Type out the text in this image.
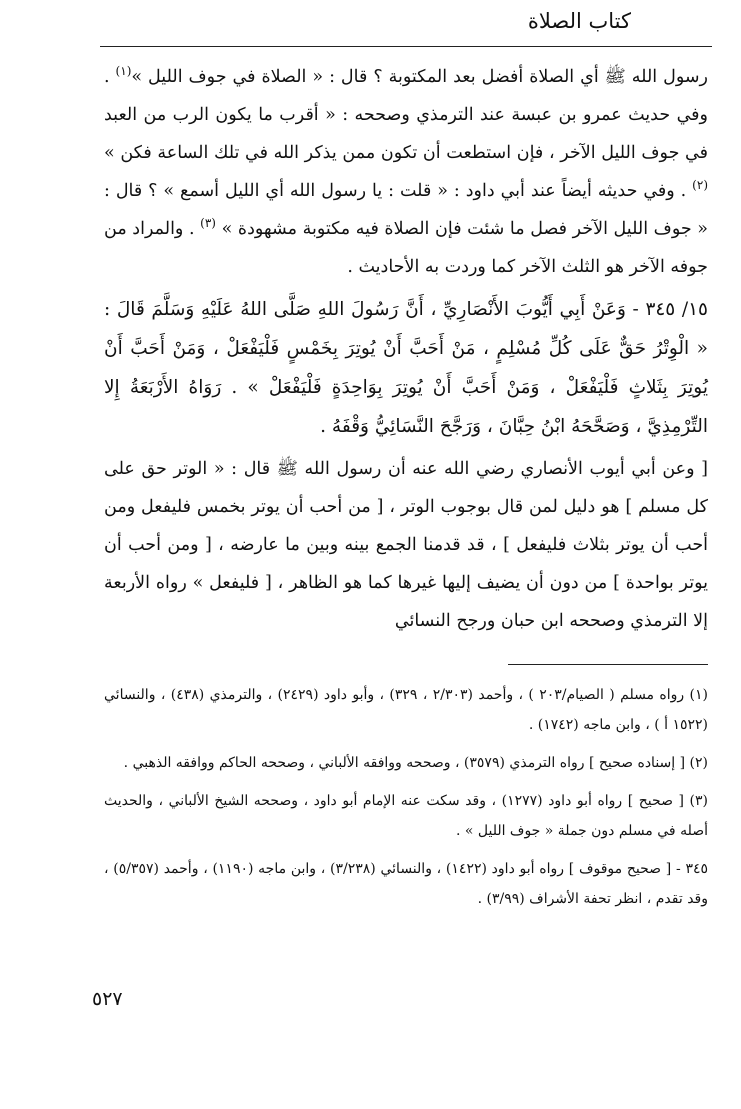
كتاب الصلاة

رسول الله ﷺ أي الصلاة أفضل بعد المكتوبة ؟ قال : « الصلاة في جوف الليل »$^{(١)}$ . وفي حديث عمرو بن عبسة عند الترمذي وصححه : « أقرب ما يكون الرب من العبد في جوف الليل الآخر ، فإن استطعت أن تكون ممن يذكر الله في تلك الساعة فكن » $^{(٢)}$ . وفي حديثه أيضاً عند أبي داود : « قلت : يا رسول الله أي الليل أسمع » ؟ قال : « جوف الليل الآخر فصل ما شئت فإن الصلاة فيه مكتوبة مشهودة » $^{(٣)}$ . والمراد من جوفه الآخر هو الثلث الآخر كما وردت به الأحاديث .

١٥/ ٣٤٥ - وَعَنْ أَبِي أَيُّوبَ الأَنْصَارِيِّ ، أَنَّ رَسُولَ اللهِ صَلَّى اللهُ عَلَيْهِ وَسَلَّمَ قَالَ : « الْوِتْرُ حَقٌّ عَلَى كُلِّ مُسْلِمٍ ، مَنْ أَحَبَّ أَنْ يُوتِرَ بِخَمْسٍ فَلْيَفْعَلْ ، وَمَنْ أَحَبَّ أَنْ يُوتِرَ بِثَلاثٍ فَلْيَفْعَلْ ، وَمَنْ أَحَبَّ أَنْ يُوتِرَ بِوَاحِدَةٍ فَلْيَفْعَلْ » . رَوَاهُ الأَرْبَعَةُ إِلا التِّرْمِذِيَّ ، وَصَحَّحَهُ ابْنُ حِبَّانَ ، وَرَجَّحَ النَّسَائِيُّ وَقْفَهُ .

[ وعن أبي أيوب الأنصاري رضي الله عنه أن رسول الله ﷺ قال : « الوتر حق على كل مسلم ] هو دليل لمن قال بوجوب الوتر ، [ من أحب أن يوتر بخمس فليفعل ومن أحب أن يوتر بثلاث فليفعل ] ، قد قدمنا الجمع بينه وبين ما عارضه ، [ ومن أحب أن يوتر بواحدة ] من دون أن يضيف إليها غيرها كما هو الظاهر ، [ فليفعل » رواه الأربعة إلا الترمذي وصححه ابن حبان ورجح النسائي

(١) رواه مسلم ( الصيام/٢٠٣ ) ، وأحمد (٢/٣٠٣ ، ٣٢٩) ، وأبو داود (٢٤٢٩) ، والترمذي (٤٣٨) ، والنسائي (١٥٢٢ أ ) ، وابن ماجه (١٧٤٢) .

(٢) [ إسناده صحيح ] رواه الترمذي (٣٥٧٩) ، وصححه ووافقه الألباني ، وصححه الحاكم ووافقه الذهبي .

(٣) [ صحيح ] رواه أبو داود (١٢٧٧) ، وقد سكت عنه الإمام أبو داود ، وصححه الشيخ الألباني ، والحديث أصله في مسلم دون جملة « جوف الليل » .

٣٤٥ - [ صحيح موقوف ] رواه أبو داود (١٤٢٢) ، والنسائي (٣/٢٣٨) ، وابن ماجه (١١٩٠) ، وأحمد (٥/٣٥٧) ، وقد تقدم ، انظر تحفة الأشراف (٣/٩٩) .

٥٢٧
